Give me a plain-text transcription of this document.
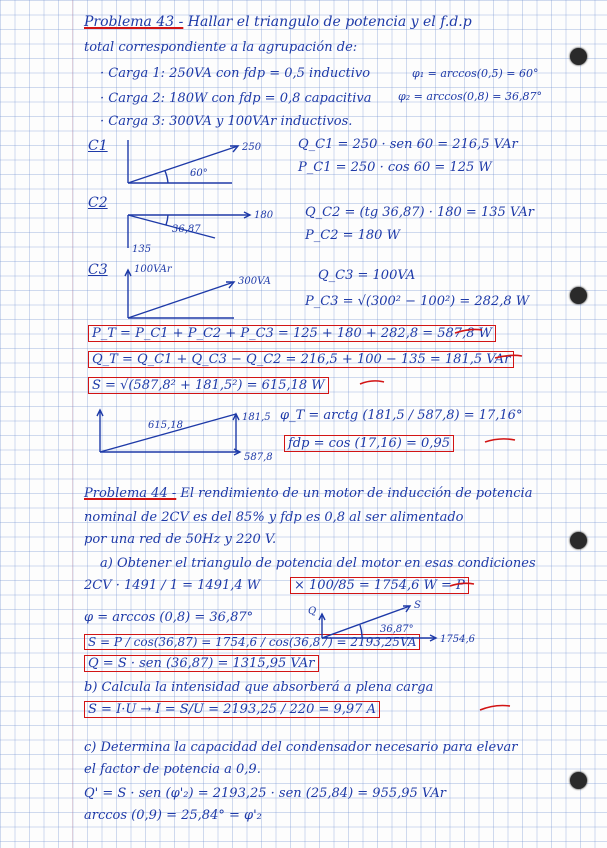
Problema 43 - Hallar el triangulo de potencia y el f.d.p
total correspondiente a la agrupación de:
· Carga 1: 250VA con fdp = 0,5 inductivo	φ₁ = arccos(0,5) = 60°
· Carga 2: 180W con fdp = 0,8 capacitiva φ₂ = arccos(0,8) = 36,87°
· Carga 3: 300VA y 100VAr inductivos.
C1
60°
250	Q_C1 = 250 · sen 60 = 216,5 VAr
P_C1 = 250 · cos 60 = 125 W
C2
36,87
180
135
Q_C2 = (tg 36,87) · 180 = 135 VAr
P_C2 = 180 W
C3	100VAr
300VA	Q_C3 = 100VA
P_C3 = √(300² − 100²) = 282,8 W
P_T = P_C1 + P_C2 + P_C3 = 125 + 180 + 282,8 = 587,8 W
Q_T = Q_C1 + Q_C3 − Q_C2 = 216,5 + 100 − 135 = 181,5 VAr
S = √(587,8² + 181,5²) = 615,18 W
615,18
181,5
587,8
φ_T = arctg (181,5 / 587,8) = 17,16°
fdp = cos (17,16) = 0,95
Problema 44 - El rendimiento de un motor de inducción de potencia
nominal de 2CV es del 85% y fdp es 0,8 al ser alimentado
por una red de 50Hz y 220 V.
a) Obtener el triangulo de potencia del motor en esas condiciones
2CV · 1491 / 1 = 1491,4 W	× 100/85 = 1754,6 W = P
φ = arccos (0,8) = 36,87°
S = P / cos(36,87) = 1754,6 / cos(36,87) = 2193,25VA
Q = S · sen (36,87) = 1315,95 VAr
Q
S
36,87°
1754,6
b) Calcula la intensidad que absorberá a plena carga
S = I·U → I = S/U = 2193,25 / 220 = 9,97 A
c) Determina la capacidad del condensador necesario para elevar
el factor de potencia a 0,9.
Q' = S · sen (φ'₂) = 2193,25 · sen (25,84) = 955,95 VAr
arccos (0,9) = 25,84° = φ'₂
